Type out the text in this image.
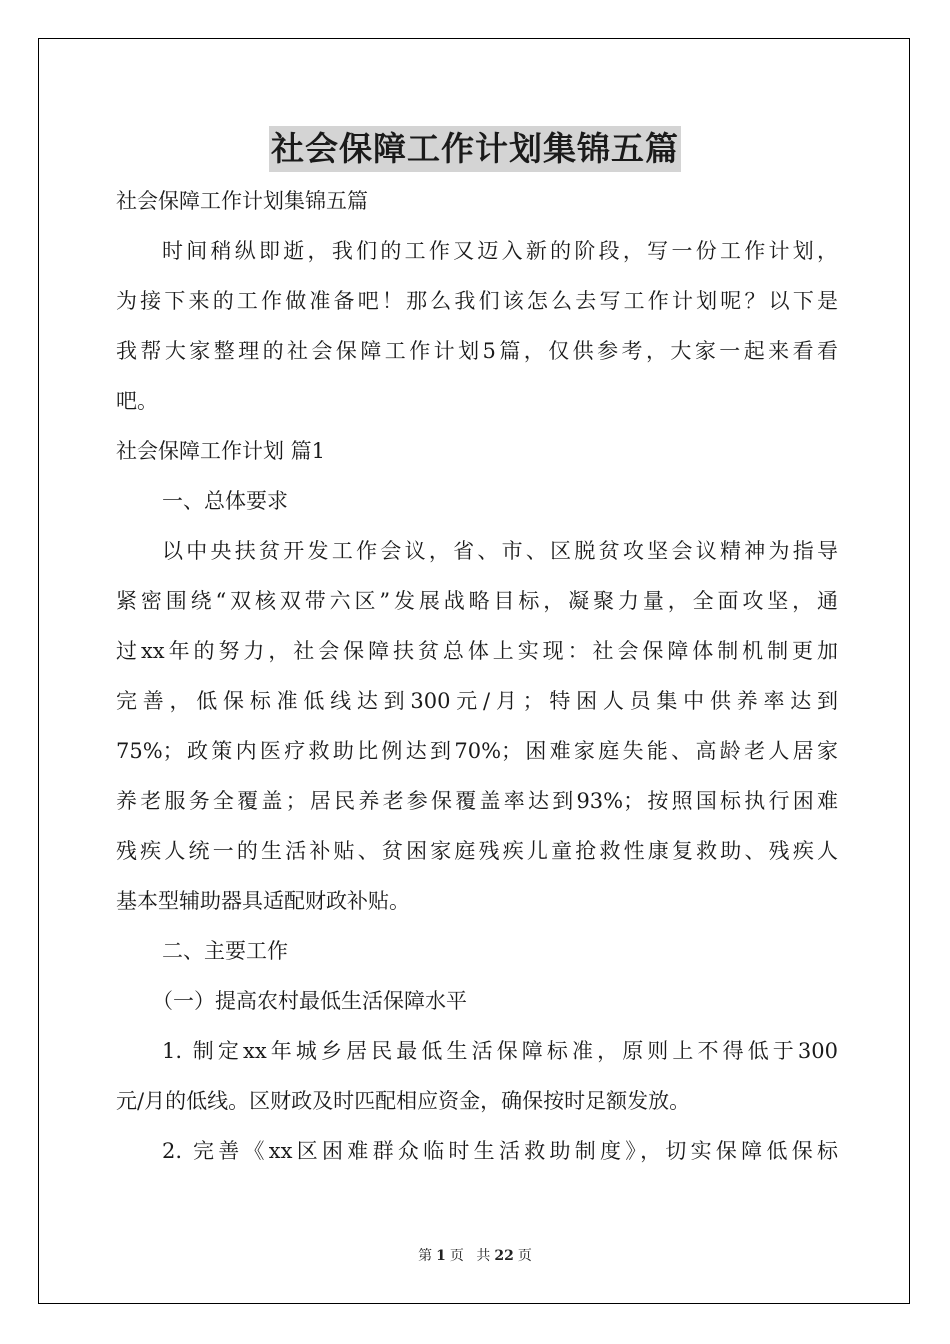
社会保障工作计划集锦五篇
社会保障工作计划集锦五篇
时间稍纵即逝，我们的工作又迈入新的阶段，写一份工作计划，
为接下来的工作做准备吧！那么我们该怎么去写工作计划呢？以下是
我帮大家整理的社会保障工作计划5篇，仅供参考，大家一起来看看
吧。
社会保障工作计划 篇1
一、总体要求
以中央扶贫开发工作会议，省、市、区脱贫攻坚会议精神为指导
紧密围绕“双核双带六区”发展战略目标，凝聚力量，全面攻坚，通
过xx年的努力，社会保障扶贫总体上实现：社会保障体制机制更加
完善，低保标准低线达到300元/月；特困人员集中供养率达到
75%；政策内医疗救助比例达到70%；困难家庭失能、高龄老人居家
养老服务全覆盖；居民养老参保覆盖率达到93%；按照国标执行困难
残疾人统一的生活补贴、贫困家庭残疾儿童抢救性康复救助、残疾人
基本型辅助器具适配财政补贴。
二、主要工作
（一）提高农村最低生活保障水平
1. 制定xx年城乡居民最低生活保障标准，原则上不得低于300
元/月的低线。区财政及时匹配相应资金，确保按时足额发放。
2. 完善《xx区困难群众临时生活救助制度》，切实保障低保标
第 1 页 共 22 页
